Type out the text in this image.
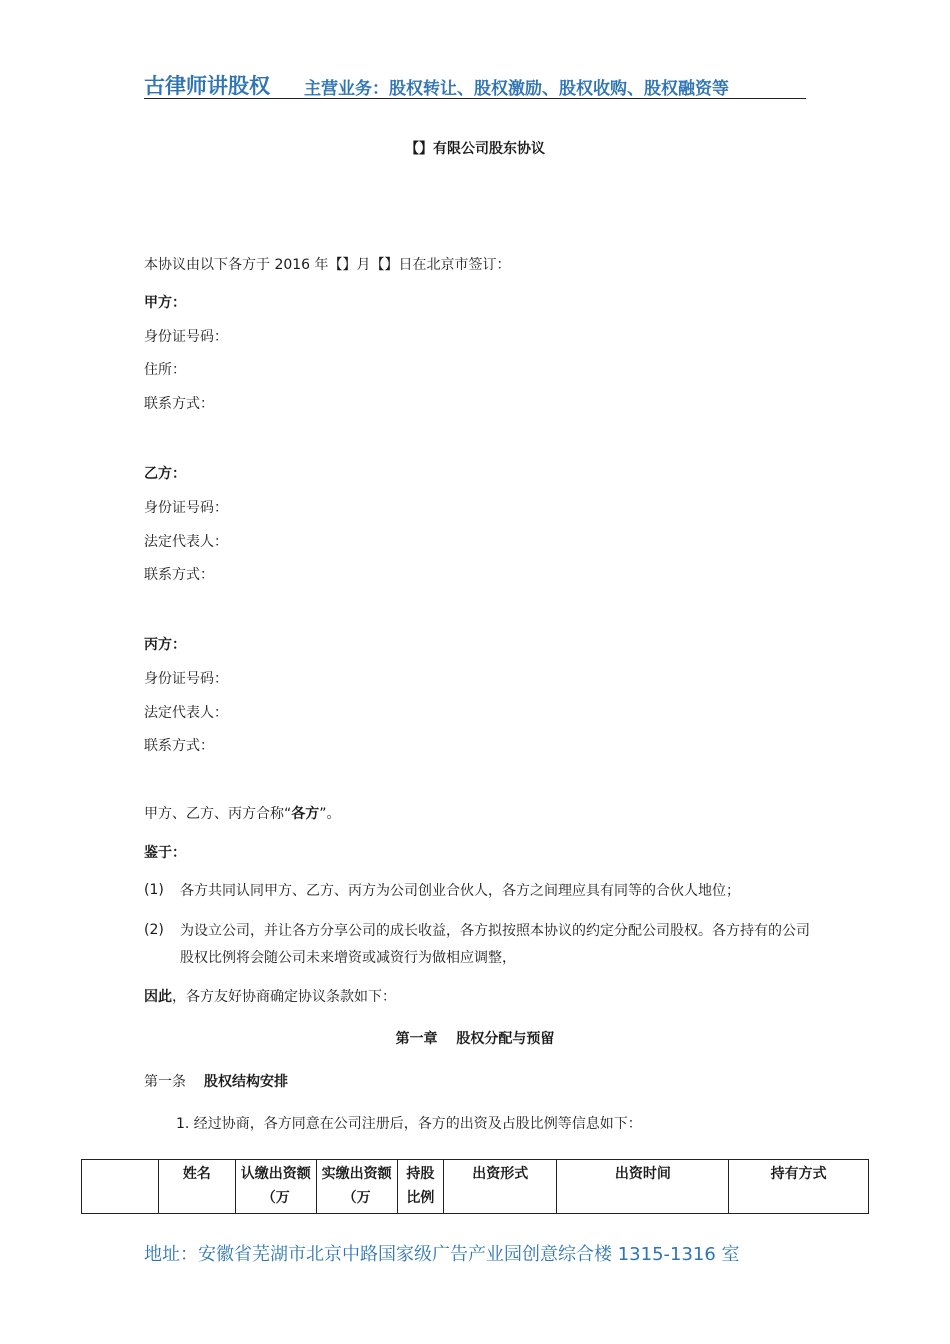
古律师讲股权 主营业务：股权转让、股权激励、股权收购、股权融资等
【】有限公司股东协议
本协议由以下各方于 2016 年【】月【】日在北京市签订：
甲方：
身份证号码：
住所：
联系方式：
乙方：
身份证号码：
法定代表人：
联系方式：
丙方：
身份证号码：
法定代表人：
联系方式：
甲方、乙方、丙方合称“各方”。
鉴于：
(1) 各方共同认同甲方、乙方、丙方为公司创业合伙人，各方之间理应具有同等的合伙人地位；
(2) 为设立公司，并让各方分享公司的成长收益，各方拟按照本协议的约定分配公司股权。各方持有的公司股权比例将会随公司未来增资或减资行为做相应调整，
因此，各方友好协商确定协议条款如下：
第一章　 股权分配与预留
第一条 股权结构安排
1. 经过协商，各方同意在公司注册后，各方的出资及占股比例等信息如下：
	姓名	认缴出资额（万	实缴出资额（万	持股比例	出资形式	出资时间	持有方式
地址：安徽省芜湖市北京中路国家级广告产业园创意综合楼 1315-1316 室
